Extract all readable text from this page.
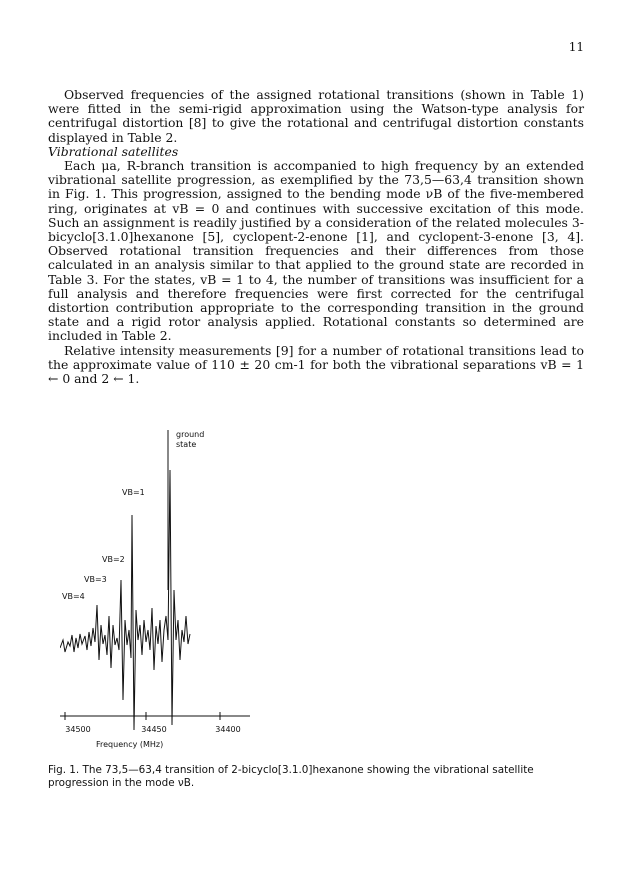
11

Observed frequencies of the assigned rotational transitions (shown in Table 1) were fitted in the semi-rigid approximation using the Watson-type analysis for centrifugal distortion [8] to give the rotational and centrifugal distortion constants displayed in Table 2.

Vibrational satellites

Each μa, R-branch transition is accompanied to high frequency by an extended vibrational satellite progression, as exemplified by the 73,5—63,4 transition shown in Fig. 1. This progression, assigned to the bending mode νB of the five-membered ring, originates at vB = 0 and continues with successive excitation of this mode. Such an assignment is readily justified by a consideration of the related molecules 3-bicyclo[3.1.0]hexanone [5], cyclopent-2-enone [1], and cyclopent-3-enone [3, 4]. Observed rotational transition frequencies and their differences from those calculated in an analysis similar to that applied to the ground state are recorded in Table 3. For the states, vB = 1 to 4, the number of transitions was insufficient for a full analysis and therefore frequencies were first corrected for the centrifugal distortion contribution appropriate to the corresponding transition in the ground state and a rigid rotor analysis applied. Rotational constants so determined are included in Table 2.

Relative intensity measurements [9] for a number of rotational transitions lead to the approximate value of 110 ± 20 cm-1 for both the vibrational separations vB = 1 ← 0 and 2 ← 1.

ground
state
VB=1
VB=2
VB=3
VB=4
34500	34450	34400
Frequency (MHz)
Fig. 1. The 73,5—63,4 transition of 2-bicyclo[3.1.0]hexanone showing the vibrational satellite progression in the mode νB.
